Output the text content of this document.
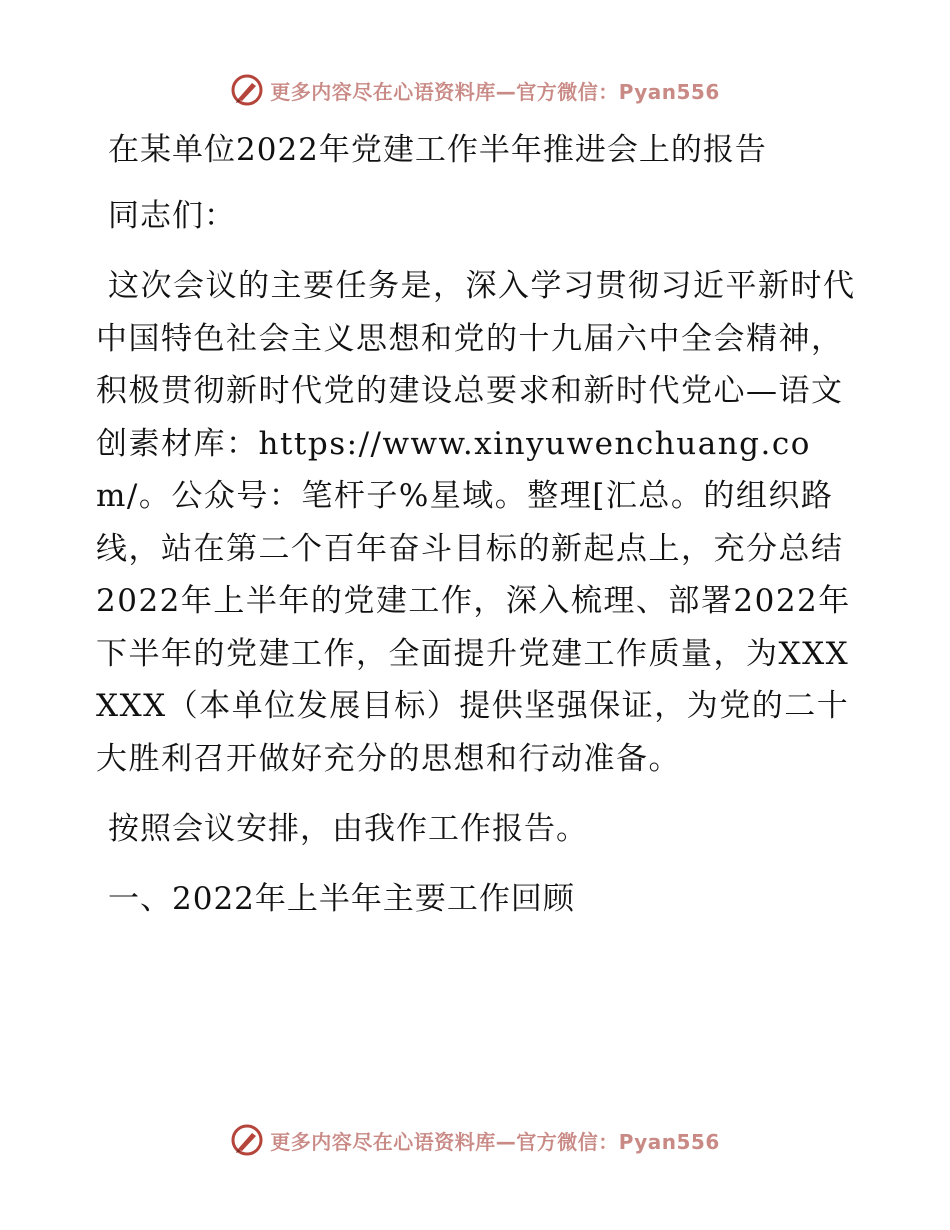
更多内容尽在心语资料库—官方微信：Pyan556
在某单位2022年党建工作半年推进会上的报告
同志们：

这次会议的主要任务是，深入学习贯彻习近平新时代中国特色社会主义思想和党的十九届六中全会精神，积极贯彻新时代党的建设总要求和新时代党心—语文创素材库：https://www.xinyuwenchuang.com/。公众号：笔杆子%星域。整理[汇总。的组织路线，站在第二个百年奋斗目标的新起点上，充分总结2022年上半年的党建工作，深入梳理、部署2022年下半年的党建工作，全面提升党建工作质量，为XXXXXX（本单位发展目标）提供坚强保证，为党的二十大胜利召开做好充分的思想和行动准备。

按照会议安排，由我作工作报告。
一、2022年上半年主要工作回顾
更多内容尽在心语资料库—官方微信：Pyan556
